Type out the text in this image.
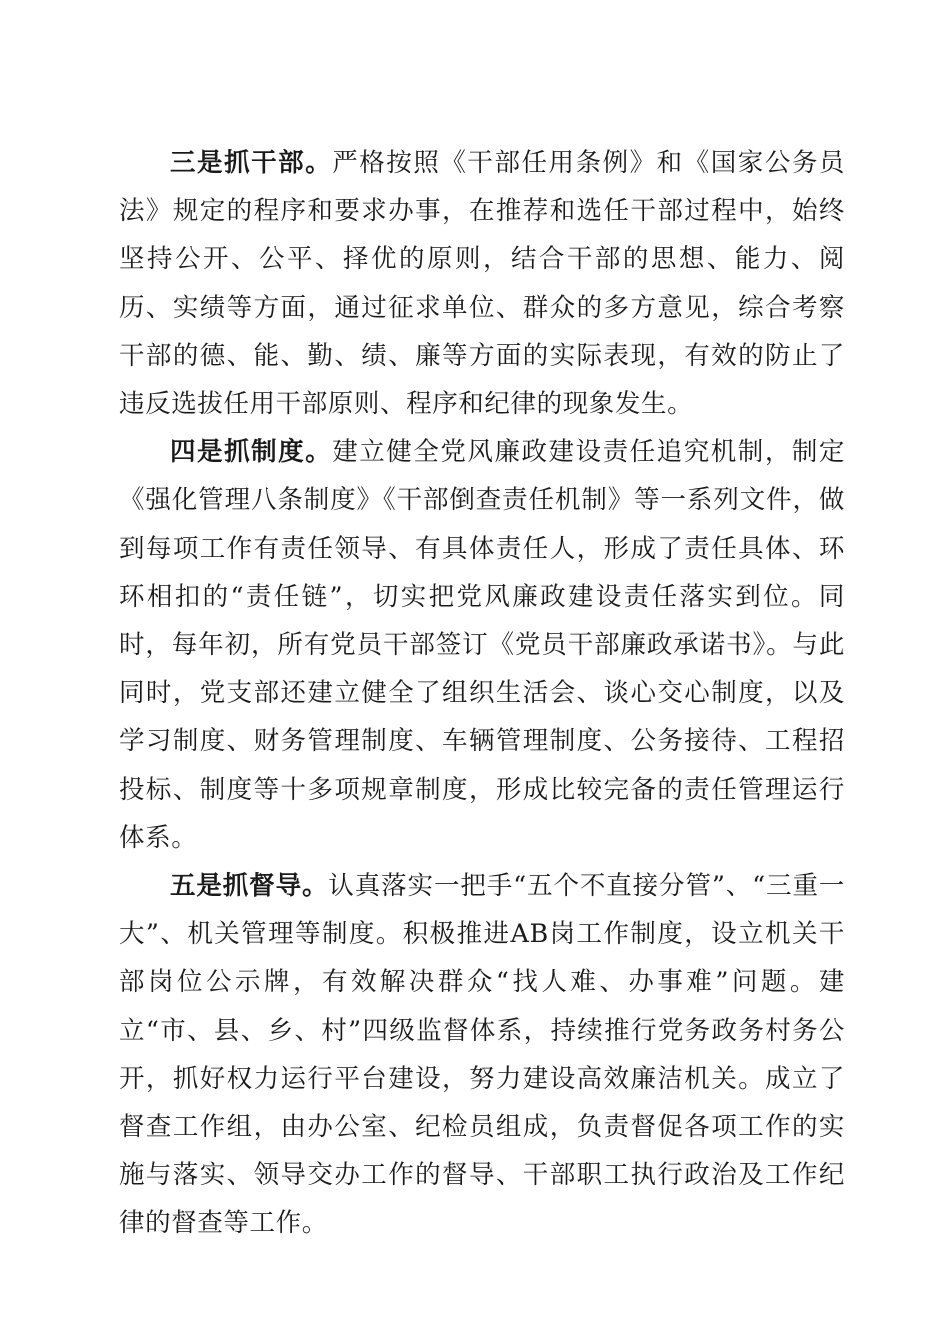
三是抓干部。严格按照《干部任用条例》和《国家公务员法》规定的程序和要求办事，在推荐和选任干部过程中，始终坚持公开、公平、择优的原则，结合干部的思想、能力、阅历、实绩等方面，通过征求单位、群众的多方意见，综合考察干部的德、能、勤、绩、廉等方面的实际表现，有效的防止了违反选拔任用干部原则、程序和纪律的现象发生。

四是抓制度。建立健全党风廉政建设责任追究机制，制定《强化管理八条制度》《干部倒查责任机制》等一系列文件，做到每项工作有责任领导、有具体责任人，形成了责任具体、环环相扣的“责任链”，切实把党风廉政建设责任落实到位。同时，每年初，所有党员干部签订《党员干部廉政承诺书》。与此同时，党支部还建立健全了组织生活会、谈心交心制度，以及学习制度、财务管理制度、车辆管理制度、公务接待、工程招投标、制度等十多项规章制度，形成比较完备的责任管理运行体系。

五是抓督导。认真落实一把手“五个不直接分管”、“三重一大”、机关管理等制度。积极推进AB岗工作制度，设立机关干部岗位公示牌，有效解决群众“找人难、办事难”问题。建立“市、县、乡、村”四级监督体系，持续推行党务政务村务公开，抓好权力运行平台建设，努力建设高效廉洁机关。成立了督查工作组，由办公室、纪检员组成，负责督促各项工作的实施与落实、领导交办工作的督导、干部职工执行政治及工作纪律的督查等工作。
